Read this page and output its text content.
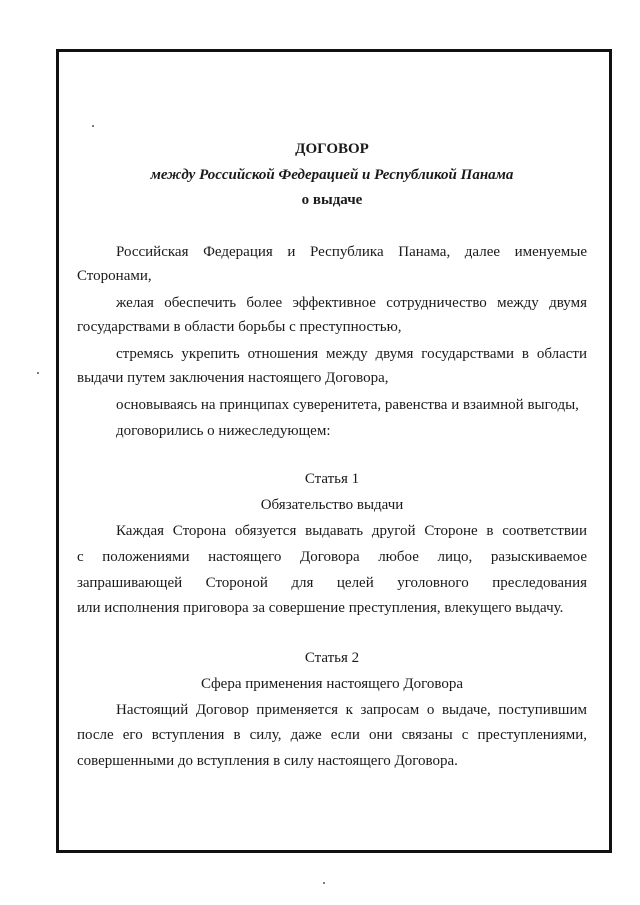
ДОГОВОР
между Российской Федерацией и Республикой Панама
о выдаче
Российская Федерация и Республика Панама, далее именуемые
Сторонами,
желая обеспечить более эффективное сотрудничество между двумя
государствами в области борьбы с преступностью,
стремясь укрепить отношения между двумя государствами в области
выдачи путем заключения настоящего Договора,
основываясь на принципах суверенитета, равенства и взаимной выгоды,
договорились о нижеследующем:
Статья 1
Обязательство выдачи
Каждая Сторона обязуется выдавать другой Стороне в соответствии
с положениями настоящего Договора любое лицо, разыскиваемое
запрашивающей Стороной для целей уголовного преследования
или исполнения приговора за совершение преступления, влекущего выдачу.
Статья 2
Сфера применения настоящего Договора
Настоящий Договор применяется к запросам о выдаче, поступившим
после его вступления в силу, даже если они связаны с преступлениями,
совершенными до вступления в силу настоящего Договора.
